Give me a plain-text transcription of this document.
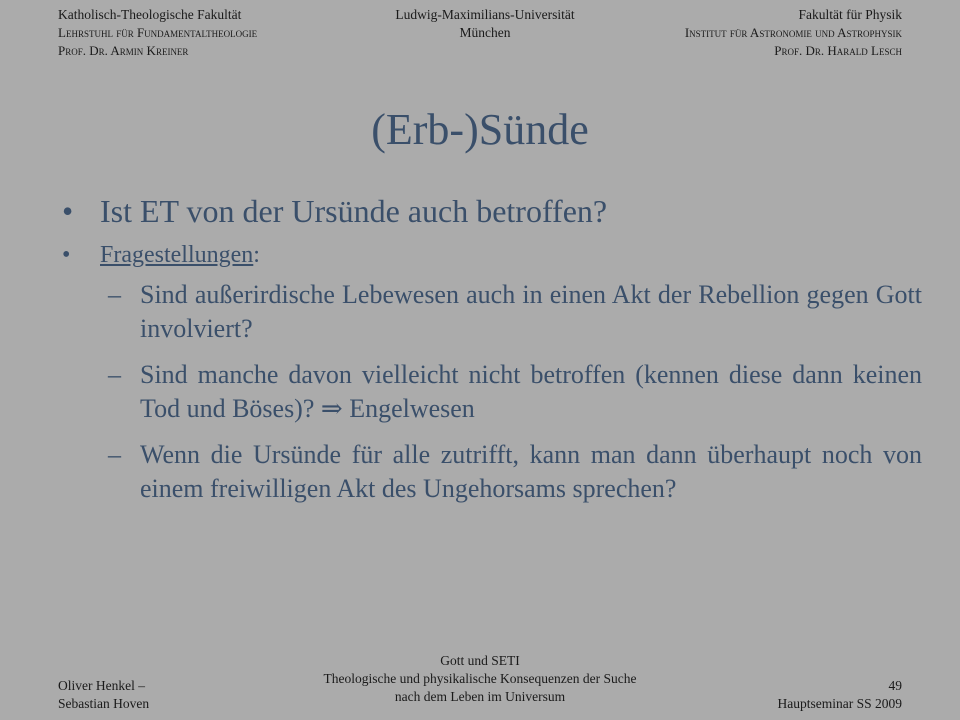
Katholisch-Theologische Fakultät
Lehrstuhl für Fundamentaltheologie
Prof. Dr. Armin Kreiner
Ludwig-Maximilians-Universität
München
Fakultät für Physik
Institut für Astronomie und Astrophysik
Prof. Dr. Harald Lesch
(Erb-)Sünde
• Ist ET von der Ursünde auch betroffen?
• Fragestellungen:
– Sind außerirdische Lebewesen auch in einen Akt der Rebellion gegen Gott involviert?
– Sind manche davon vielleicht nicht betroffen (kennen diese dann keinen Tod und Böses)? ⇒ Engelwesen
– Wenn die Ursünde für alle zutrifft, kann man dann überhaupt noch von einem freiwilligen Akt des Ungehorsams sprechen?
Oliver Henkel –
Sebastian Hoven
Gott und SETI
Theologische und physikalische Konsequenzen der Suche
nach dem Leben im Universum
49
Hauptseminar SS 2009
